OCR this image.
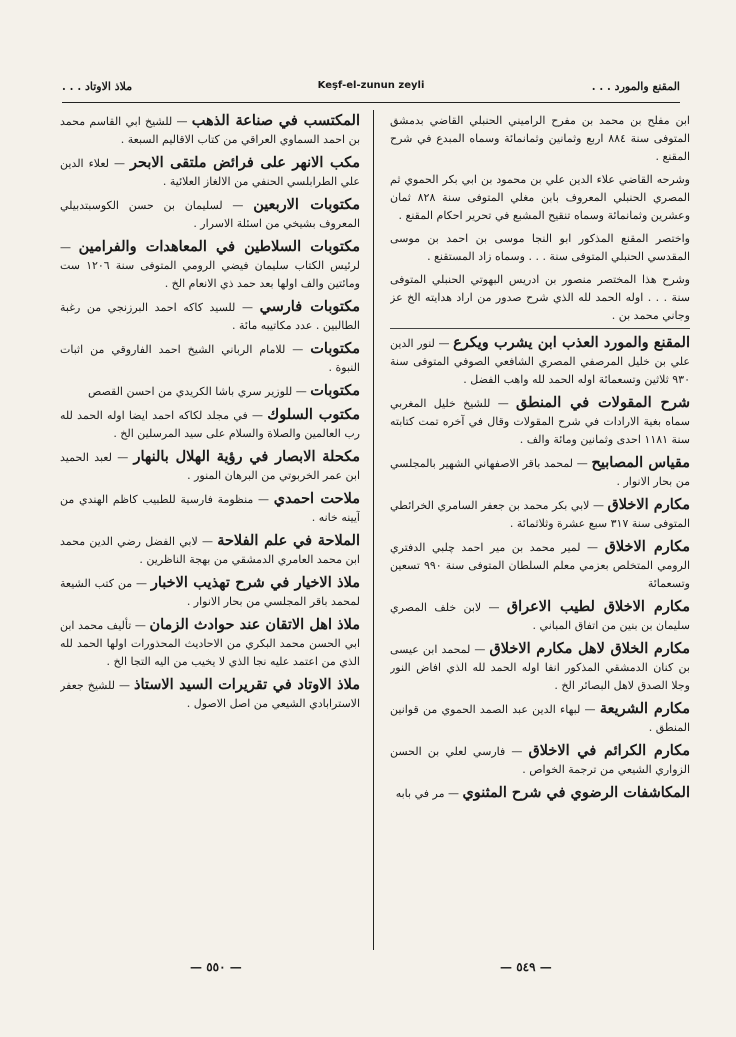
ملاذ الاوتاد . . .	Keşf-el-zunun zeyli	المقنع والمورد . . .

ابن مفلح بن محمد بن مفرح الراميني الحنبلي القاضي بدمشق المتوفى سنة ٨٨٤ اربع وثمانين وثمانمائة وسماه المبدع في شرح المقنع .

وشرحه القاضي علاء الدين علي بن محمود بن ابي بكر الحموي ثم المصري الحنبلي المعروف بابن مغلي المتوفى سنة ٨٢٨ ثمان وعشرين وثمانمائة وسماه تنقيح المشبع في تحرير احكام المقنع .

واختصر المقنع المذكور ابو النجا موسى بن احمد بن موسى المقدسي الحنبلي المتوفى سنة . . . وسماه زاد المستقنع .

وشرح هذا المختصر منصور بن ادريس البهوتي الحنبلي المتوفى سنة . . . اوله الحمد لله الذي شرح صدور من اراد هدايته الخ عز وجاني محمد بن .

المقنع والمورد العذب ابن يشرب ويكرع — لنور الدين علي بن خليل المرصفي المصري الشافعي الصوفي المتوفى سنة ٩٣٠ ثلاثين وتسعمائة اوله الحمد لله واهب الفضل .

شرح المقولات في المنطق — للشيخ خليل المغربي سماه بغية الارادات في شرح المقولات وقال في آخره تمت كتابته سنة ١١٨١ احدى وثمانين ومائة والف .

مقياس المصابيح — لمحمد باقر الاصفهاني الشهير بالمجلسي من بحار الانوار .

مكارم الاخلاق — لابي بكر محمد بن جعفر السامري الخرائطي المتوفى سنة ٣١٧ سبع عشرة وثلاثمائة .

مكارم الاخلاق — لمير محمد بن مير احمد چلبي الدفتري الرومي المتخلص بعزمي معلم السلطان المتوفى سنة ٩٩٠ تسعين وتسعمائة

مكارم الاخلاق لطيب الاعراق — لابن خلف المصري سليمان بن بنين من اتفاق المباني .

مكارم الخلاق لاهل مكارم الاخلاق — لمحمد ابن عيسى بن كنان الدمشقي المذكور انفا اوله الحمد لله الذي افاض النور وجلا الصدق لاهل البصائر الخ .

مكارم الشريعة — لبهاء الدين عبد الصمد الحموي من قوانين المنطق .

مكارم الكرائم في الاخلاق — فارسي لعلي بن الحسن الزواري الشيعي من ترجمة الخواص .

المكاشفات الرضوي في شرح المثنوي — مر في بابه

المكتسب في صناعة الذهب — للشيخ ابي القاسم محمد بن احمد السماوي العراقي من كتاب الاقاليم السبعة .

مكب الانهر على فرائض ملتقى الابحر — لعلاء الدين علي الطرابلسي الحنفي من الالغاز العلائية .

مكتوبات الاربعين — لسليمان بن حسن الكوسبتدبيلي المعروف بشيخي من اسئلة الاسرار .

مكتوبات السلاطين في المعاهدات والفرامين — لرئيس الكتاب سليمان فيضي الرومي المتوفى سنة ١٢٠٦ ست ومائتين والف اولها بعد حمد ذي الانعام الخ .

مكتوبات فارسي — للسيد كاكه احمد البرزنجي من رغبة الطالبين . عدد مكاتيبه مائة .

مكتوبات — للامام الرباني الشيخ احمد الفاروقي من اثبات النبوة .

مكتوبات — للوزير سري باشا الكريدي من احسن القصص

مكتوب السلوك — في مجلد لكاكه احمد ايضا اوله الحمد لله رب العالمين والصلاة والسلام على سيد المرسلين الخ .

مكحلة الابصار في رؤية الهلال بالنهار — لعبد الحميد ابن عمر الخربوتي من البرهان المنور .

ملاحت احمدي — منظومة فارسية للطبيب كاظم الهندي من آيينه خانه .

الملاحة في علم الفلاحة — لابي الفضل رضي الدين محمد ابن محمد العامري الدمشقي من بهجة الناظرين .

ملاذ الاخيار في شرح تهذيب الاخبار — من كتب الشيعة لمحمد باقر المجلسي من بحار الانوار .

ملاذ اهل الاتقان عند حوادث الزمان — تأليف محمد ابن ابي الحسن محمد البكري من الاحاديث المحذورات اولها الحمد لله الذي من اعتمد عليه نجا الذي لا يخيب من اليه التجا الخ .

ملاذ الاوتاد في تقريرات السيد الاستاذ — للشيخ جعفر الاسترابادي الشيعي من اصل الاصول .

— ٥٤٩ —
— ٥٥٠ —
